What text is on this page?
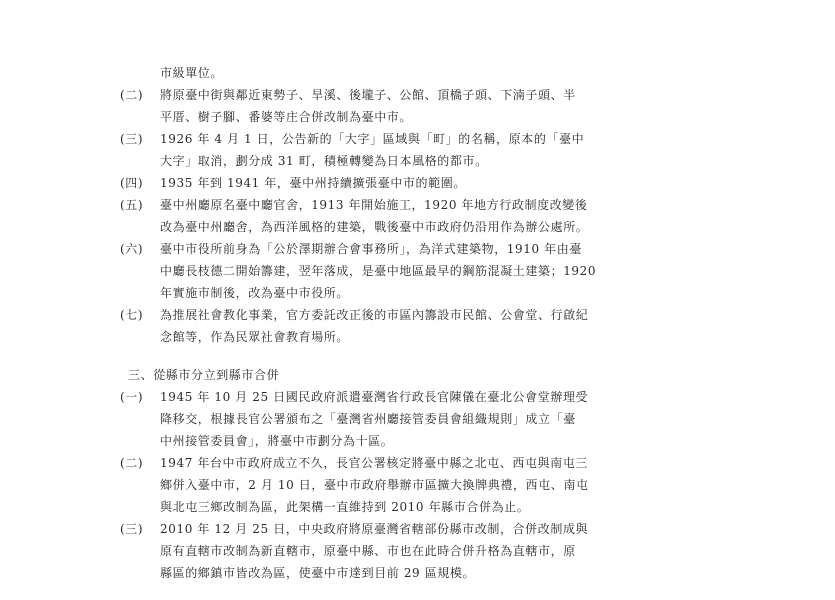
市級單位。
(二) 將原臺中街與鄰近東勢子、旱溪、後壠子、公館、頂橋子頭、下湳子頭、半
平厝、樹子腳、番婆等庄合併改制為臺中市。
(三) 1926 年 4 月 1 日，公告新的「大字」區域與「町」的名稱，原本的「臺中
大字」取消，劃分成 31 町，積極轉變為日本風格的都市。
(四) 1935 年到 1941 年，臺中州持續擴張臺中市的範圍。
(五) 臺中州廳原名臺中廳官舍，1913 年開始施工，1920 年地方行政制度改變後
改為臺中州廳舍，為西洋風格的建築，戰後臺中市政府仍沿用作為辦公處所。
(六) 臺中市役所前身為「公於澤期辦合會事務所」，為洋式建築物，1910 年由臺
中廳長枝德二開始籌建，翌年落成，是臺中地區最早的鋼筋混凝土建築；1920
年實施市制後，改為臺中市役所。
(七) 為推展社會教化事業，官方委託改正後的市區內籌設市民館、公會堂、行啟紀
念館等，作為民眾社會教育場所。
三、從縣市分立到縣市合併
(一) 1945 年 10 月 25 日國民政府派遣臺灣省行政長官陳儀在臺北公會堂辦理受
降移交，根據長官公署頒布之「臺灣省州廳接管委員會組織規則」成立「臺
中州接管委員會」，將臺中市劃分為十區。
(二) 1947 年台中市政府成立不久，長官公署核定將臺中縣之北屯、西屯與南屯三
鄉併入臺中市，2 月 10 日，臺中市政府舉辦市區擴大換牌典禮，西屯、南屯
與北屯三鄉改制為區，此架構一直維持到 2010 年縣市合併為止。
(三) 2010 年 12 月 25 日，中央政府將原臺灣省轄部份縣市改制，合併改制成與
原有直轄市改制為新直轄市，原臺中縣、市也在此時合併升格為直轄市，原
縣區的鄉鎮市皆改為區，使臺中市達到目前 29 區規模。
